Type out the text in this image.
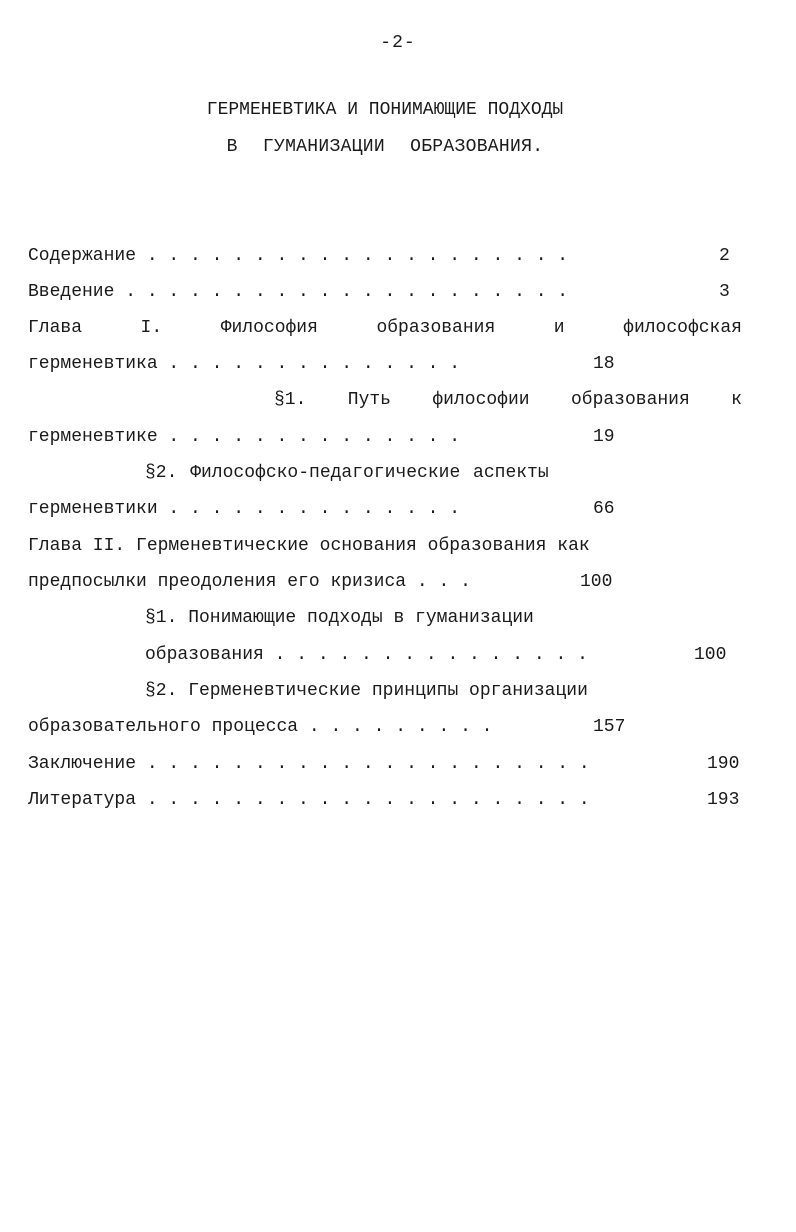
-2-
ГЕРМЕНЕВТИКА И ПОНИМАЮЩИЕ ПОДХОДЫ
В ГУМАНИЗАЦИИ ОБРАЗОВАНИЯ.
Содержание . . . . . . . . . . . . . . . . . . . .	2
Введение . . . . . . . . . . . . . . . . . . . . .	3
Глава	I.	Философия	образования	и	философская
герменевтика . . . . . . . . . . . . . .	18
§1. Путь философии образования к
герменевтике . . . . . . . . . . . . . .	19
§2. Философско-педагогические аспекты
герменевтики . . . . . . . . . . . . . .	66
Глава II. Герменевтические основания образования как
предпосылки преодоления его кризиса . . .	100
§1. Понимающие подходы в гуманизации
образования . . . . . . . . . . . . . . .	100
§2. Герменевтические принципы организации
образовательного процесса . . . . . . . . .	157
Заключение . . . . . . . . . . . . . . . . . . . . .	190
Литература . . . . . . . . . . . . . . . . . . . . .	193
